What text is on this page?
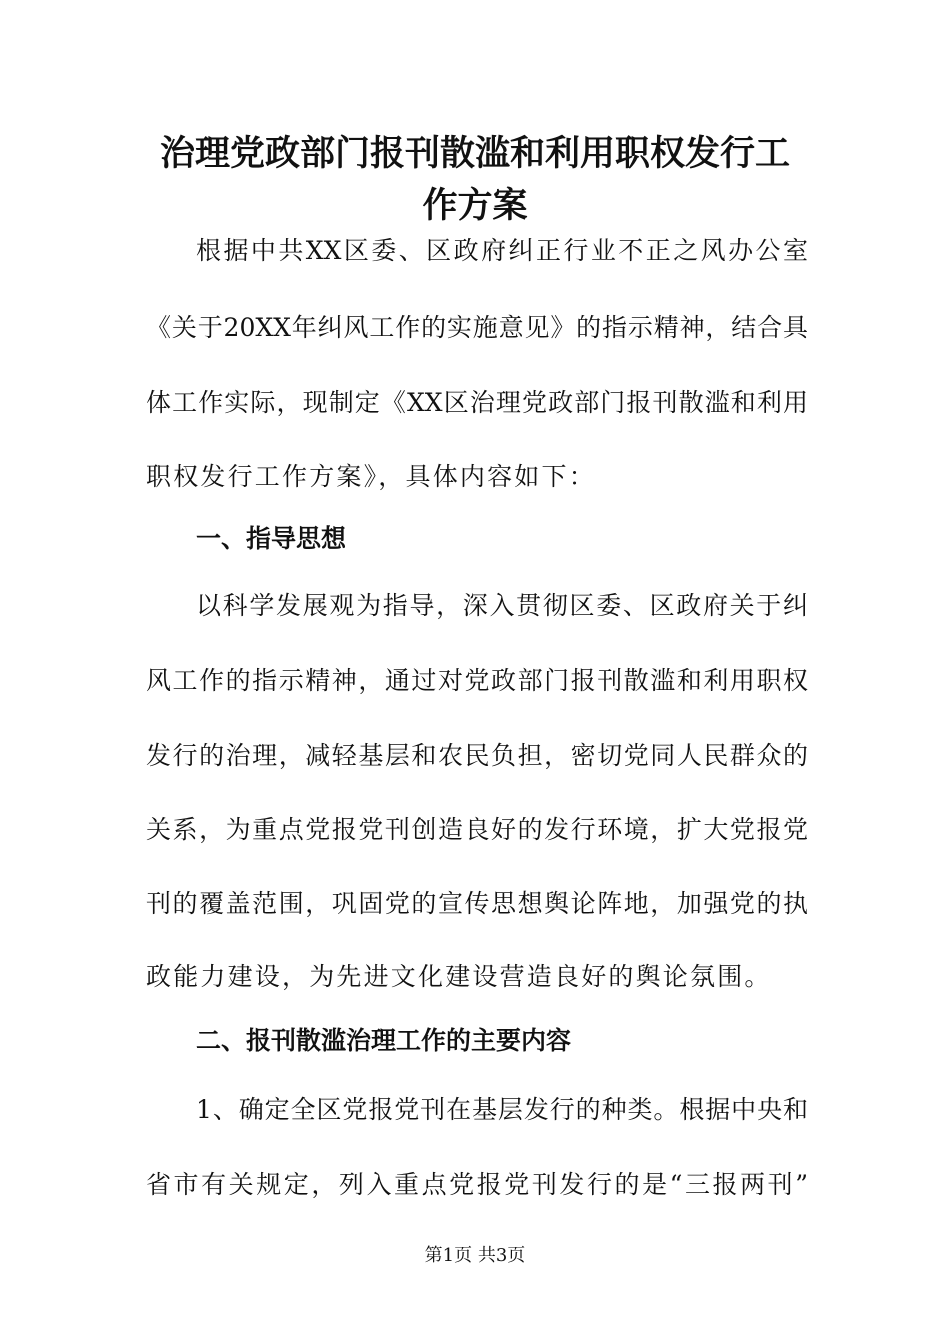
治理党政部门报刊散滥和利用职权发行工
作方案

根据中共XX区委、区政府纠正行业不正之风办公室

《关于20XX年纠风工作的实施意见》的指示精神，结合具

体工作实际，现制定《XX区治理党政部门报刊散滥和利用

职权发行工作方案》，具体内容如下：

一、指导思想

以科学发展观为指导，深入贯彻区委、区政府关于纠

风工作的指示精神，通过对党政部门报刊散滥和利用职权

发行的治理，减轻基层和农民负担，密切党同人民群众的

关系，为重点党报党刊创造良好的发行环境，扩大党报党

刊的覆盖范围，巩固党的宣传思想舆论阵地，加强党的执

政能力建设，为先进文化建设营造良好的舆论氛围。

二、报刊散滥治理工作的主要内容

1、确定全区党报党刊在基层发行的种类。根据中央和

省市有关规定，列入重点党报党刊发行的是“三报两刊”

第1页 共3页
